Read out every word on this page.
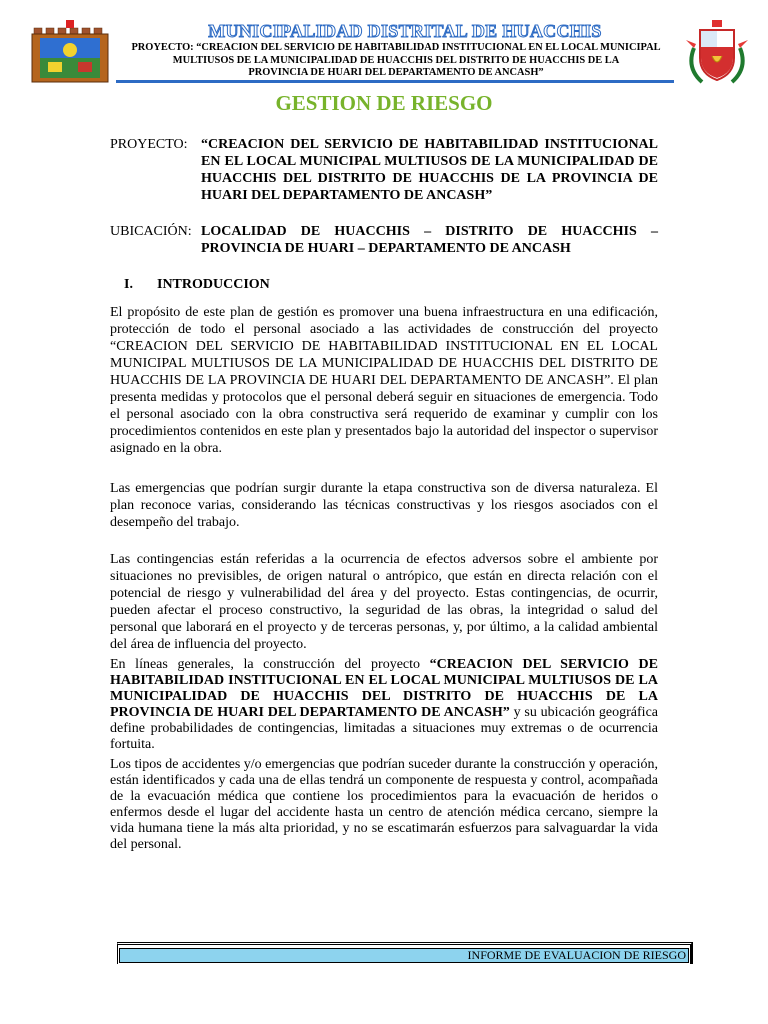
MUNICIPALIDAD DISTRITAL DE HUACCHIS
PROYECTO: “CREACION DEL SERVICIO DE HABITABILIDAD INSTITUCIONAL EN EL LOCAL MUNICIPAL
MULTIUSOS DE LA MUNICIPALIDAD DE HUACCHIS DEL DISTRITO DE HUACCHIS DE LA
PROVINCIA DE HUARI DEL DEPARTAMENTO DE ANCASH”
GESTION DE RIESGO
PROYECTO: “CREACION DEL SERVICIO DE HABITABILIDAD INSTITUCIONAL EN EL LOCAL MUNICIPAL MULTIUSOS DE LA MUNICIPALIDAD DE HUACCHIS DEL DISTRITO DE HUACCHIS DE LA PROVINCIA DE HUARI DEL DEPARTAMENTO DE ANCASH”
UBICACIÓN: LOCALIDAD DE HUACCHIS – DISTRITO DE HUACCHIS – PROVINCIA DE HUARI – DEPARTAMENTO DE ANCASH
I. INTRODUCCION

El propósito de este plan de gestión es promover una buena infraestructura en una edificación, protección de todo el personal asociado a las actividades de construcción del proyecto “CREACION DEL SERVICIO DE HABITABILIDAD INSTITUCIONAL EN EL LOCAL MUNICIPAL MULTIUSOS DE LA MUNICIPALIDAD DE HUACCHIS DEL DISTRITO DE HUACCHIS DE LA PROVINCIA DE HUARI DEL DEPARTAMENTO DE ANCASH”. El plan presenta medidas y protocolos que el personal deberá seguir en situaciones de emergencia. Todo el personal asociado con la obra constructiva será requerido de examinar y cumplir con los procedimientos contenidos en este plan y presentados bajo la autoridad del inspector o supervisor asignado en la obra.

Las emergencias que podrían surgir durante la etapa constructiva son de diversa naturaleza. El plan reconoce varias, considerando las técnicas constructivas y los riesgos asociados con el desempeño del trabajo.

Las contingencias están referidas a la ocurrencia de efectos adversos sobre el ambiente por situaciones no previsibles, de origen natural o antrópico, que están en directa relación con el potencial de riesgo y vulnerabilidad del área y del proyecto. Estas contingencias, de ocurrir, pueden afectar el proceso constructivo, la seguridad de las obras, la integridad o salud del personal que laborará en el proyecto y de terceras personas, y, por último, a la calidad ambiental del área de influencia del proyecto.

En líneas generales, la construcción del proyecto “CREACION DEL SERVICIO DE HABITABILIDAD INSTITUCIONAL EN EL LOCAL MUNICIPAL MULTIUSOS DE LA MUNICIPALIDAD DE HUACCHIS DEL DISTRITO DE HUACCHIS DE LA PROVINCIA DE HUARI DEL DEPARTAMENTO DE ANCASH” y su ubicación geográfica define probabilidades de contingencias, limitadas a situaciones muy extremas o de ocurrencia fortuita.

Los tipos de accidentes y/o emergencias que podrían suceder durante la construcción y operación, están identificados y cada una de ellas tendrá un componente de respuesta y control, acompañada de la evacuación médica que contiene los procedimientos para la evacuación de heridos o enfermos desde el lugar del accidente hasta un centro de atención médica cercano, siempre la vida humana tiene la más alta prioridad, y no se escatimarán esfuerzos para salvaguardar la vida del personal.

INFORME DE EVALUACION DE RIESGO
